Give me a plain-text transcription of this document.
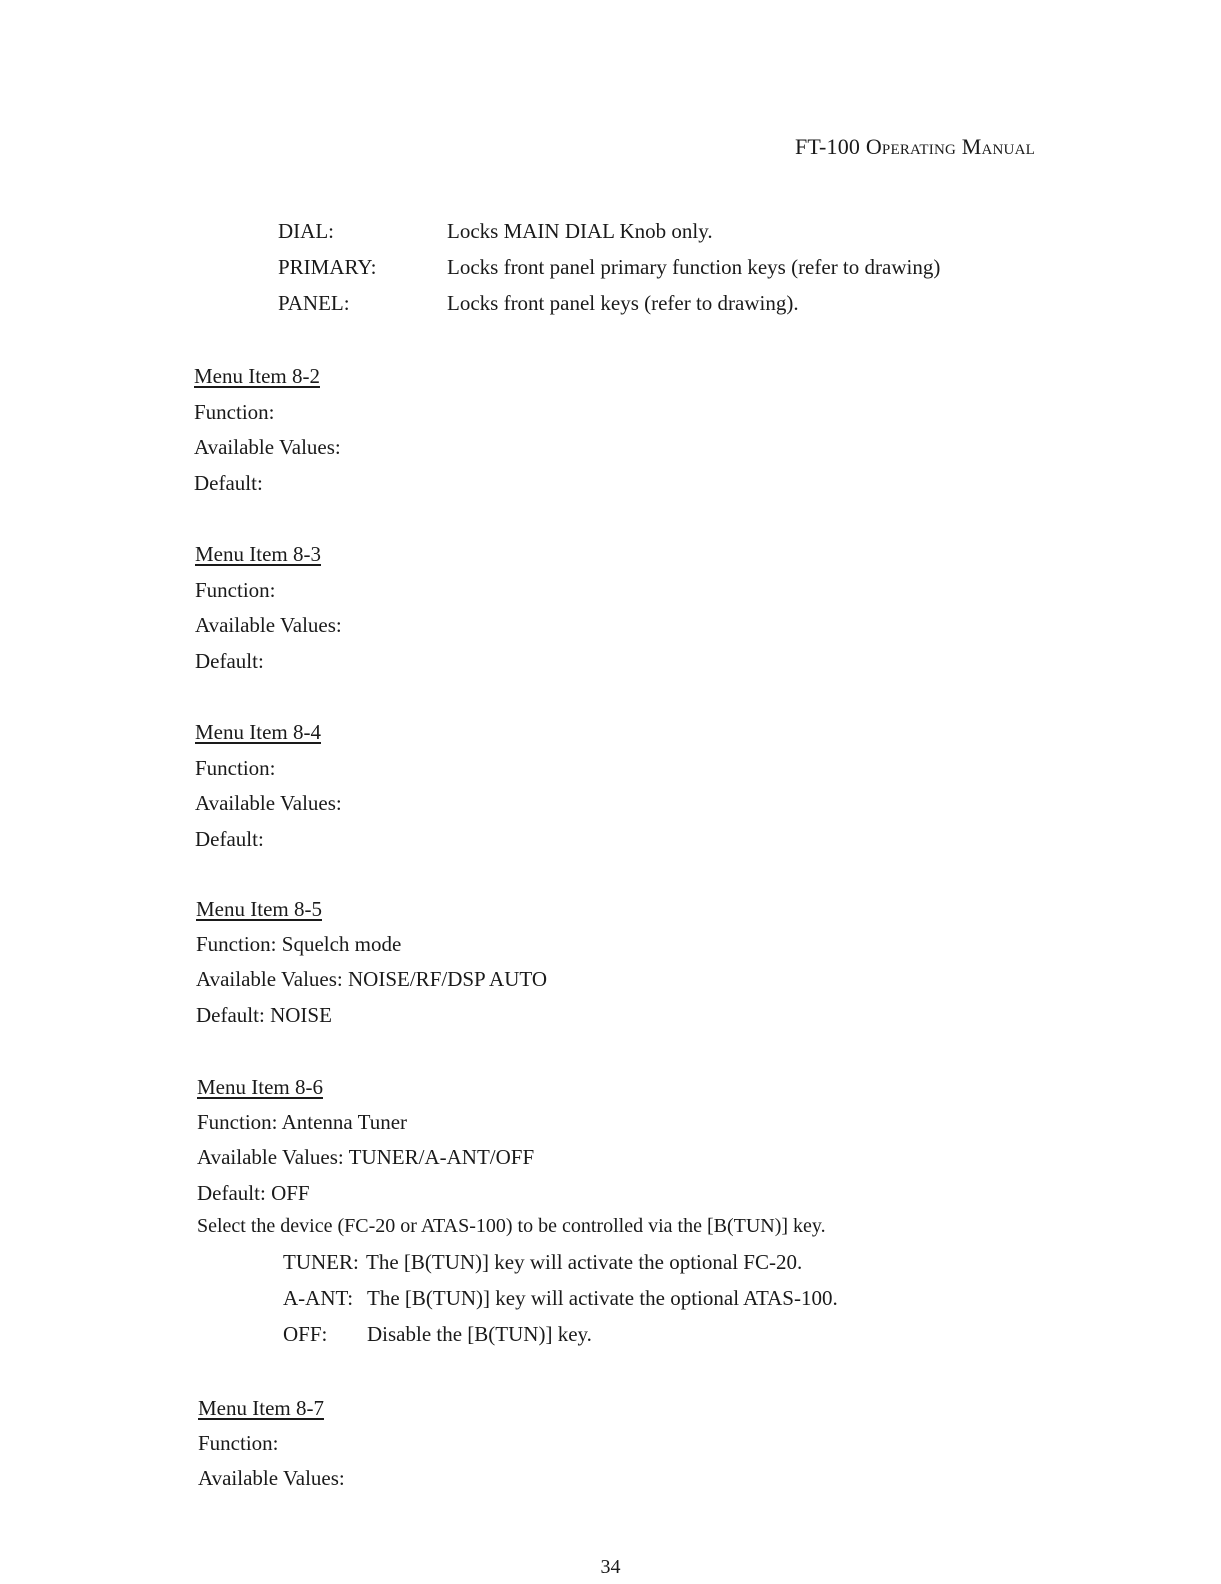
FT-100 Operating Manual
DIAL:	Locks MAIN DIAL Knob only.
PRIMARY:	Locks front panel primary function keys (refer to drawing)
PANEL:	Locks front panel keys (refer to drawing).
Menu Item 8-2
Function:
Available Values:
Default:
Menu Item 8-3
Function:
Available Values:
Default:
Menu Item 8-4
Function:
Available Values:
Default:
Menu Item 8-5
Function: Squelch mode
Available Values: NOISE/RF/DSP AUTO
Default: NOISE
Menu Item 8-6
Function: Antenna Tuner
Available Values: TUNER/A-ANT/OFF
Default: OFF
Select the device (FC-20 or ATAS-100) to be controlled via the [B(TUN)] key.
TUNER: The [B(TUN)] key will activate the optional FC-20.
A-ANT: The [B(TUN)] key will activate the optional ATAS-100.
OFF: Disable the [B(TUN)] key.
Menu Item 8-7
Function:
Available Values:
34
